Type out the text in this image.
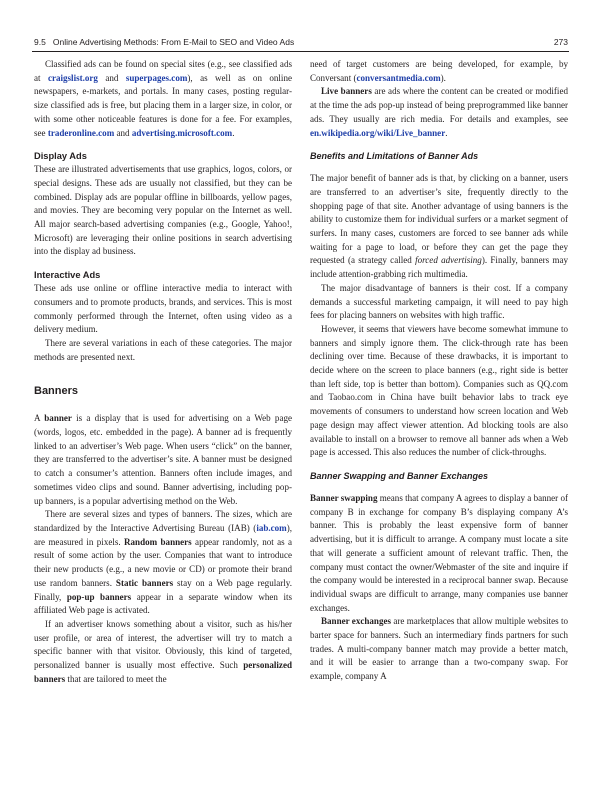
9.5 Online Advertising Methods: From E-Mail to SEO and Video Ads	273

Classified ads can be found on special sites (e.g., see classified ads at craigslist.org and superpages.com), as well as on online newspapers, e-markets, and portals. In many cases, posting regular-size classified ads is free, but placing them in a larger size, in color, or with some other noticeable features is done for a fee. For examples, see traderonline.com and advertising.microsoft.com.

Display Ads

These are illustrated advertisements that use graphics, logos, colors, or special designs. These ads are usually not classified, but they can be combined. Display ads are popular offline in billboards, yellow pages, and movies. They are becoming very popular on the Internet as well. All major search-based advertising companies (e.g., Google, Yahoo!, Microsoft) are leveraging their online positions in search advertising into the display ad business.

Interactive Ads

These ads use online or offline interactive media to interact with consumers and to promote products, brands, and services. This is most commonly performed through the Internet, often using video as a delivery medium.

There are several variations in each of these categories. The major methods are presented next.

Banners

A banner is a display that is used for advertising on a Web page (words, logos, etc. embedded in the page). A banner ad is frequently linked to an advertiser’s Web page. When users “click” on the banner, they are transferred to the advertiser’s site. A banner must be designed to catch a consumer’s attention. Banners often include images, and sometimes video clips and sound. Banner advertising, including pop-up banners, is a popular advertising method on the Web.

There are several sizes and types of banners. The sizes, which are standardized by the Interactive Advertising Bureau (IAB) (iab.com), are measured in pixels. Random banners appear randomly, not as a result of some action by the user. Companies that want to introduce their new products (e.g., a new movie or CD) or promote their brand use random banners. Static banners stay on a Web page regularly. Finally, pop-up banners appear in a separate window when its affiliated Web page is activated.

If an advertiser knows something about a visitor, such as his/her user profile, or area of interest, the advertiser will try to match a specific banner with that visitor. Obviously, this kind of targeted, personalized banner is usually most effective. Such personalized banners that are tailored to meet the

need of target customers are being developed, for example, by Conversant (conversantmedia.com).

Live banners are ads where the content can be created or modified at the time the ads pop-up instead of being preprogrammed like banner ads. They usually are rich media. For details and examples, see en.wikipedia.org/wiki/Live_banner.

Benefits and Limitations of Banner Ads

The major benefit of banner ads is that, by clicking on a banner, users are transferred to an advertiser’s site, frequently directly to the shopping page of that site. Another advantage of using banners is the ability to customize them for individual surfers or a market segment of surfers. In many cases, customers are forced to see banner ads while waiting for a page to load, or before they can get the page they requested (a strategy called forced advertising). Finally, banners may include attention-grabbing rich multimedia.

The major disadvantage of banners is their cost. If a company demands a successful marketing campaign, it will need to pay high fees for placing banners on websites with high traffic.

However, it seems that viewers have become somewhat immune to banners and simply ignore them. The click-through rate has been declining over time. Because of these drawbacks, it is important to decide where on the screen to place banners (e.g., right side is better than left side, top is better than bottom). Companies such as QQ.com and Taobao.com in China have built behavior labs to track eye movements of consumers to understand how screen location and Web page design may affect viewer attention. Ad blocking tools are also available to install on a browser to remove all banner ads when a Web page is accessed. This also reduces the number of click-throughs.

Banner Swapping and Banner Exchanges

Banner swapping means that company A agrees to display a banner of company B in exchange for company B’s displaying company A’s banner. This is probably the least expensive form of banner advertising, but it is difficult to arrange. A company must locate a site that will generate a sufficient amount of relevant traffic. Then, the company must contact the owner/Webmaster of the site and inquire if the company would be interested in a reciprocal banner swap. Because individual swaps are difficult to arrange, many companies use banner exchanges.

Banner exchanges are marketplaces that allow multiple websites to barter space for banners. Such an intermediary finds partners for such trades. A multi-company banner match may provide a better match, and it will be easier to arrange than a two-company swap. For example, company A
